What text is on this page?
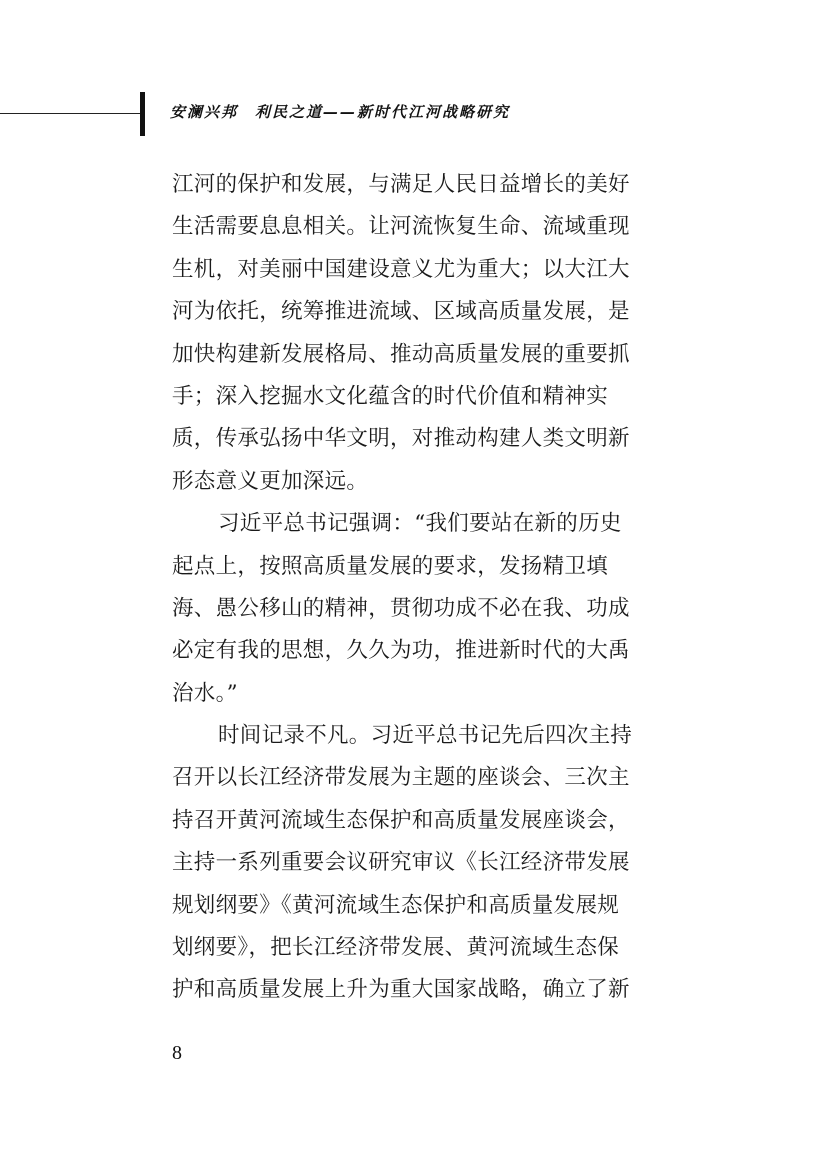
安澜兴邦　利民之道——新时代江河战略研究
江河的保护和发展，与满足人民日益增长的美好
生活需要息息相关。让河流恢复生命、流域重现
生机，对美丽中国建设意义尤为重大；以大江大
河为依托，统筹推进流域、区域高质量发展，是
加快构建新发展格局、推动高质量发展的重要抓
手；深入挖掘水文化蕴含的时代价值和精神实
质，传承弘扬中华文明，对推动构建人类文明新
形态意义更加深远。
习近平总书记强调：“我们要站在新的历史
起点上，按照高质量发展的要求，发扬精卫填
海、愚公移山的精神，贯彻功成不必在我、功成
必定有我的思想，久久为功，推进新时代的大禹
治水。”
时间记录不凡。习近平总书记先后四次主持
召开以长江经济带发展为主题的座谈会、三次主
持召开黄河流域生态保护和高质量发展座谈会，
主持一系列重要会议研究审议《长江经济带发展
规划纲要》《黄河流域生态保护和高质量发展规
划纲要》，把长江经济带发展、黄河流域生态保
护和高质量发展上升为重大国家战略，确立了新
8
